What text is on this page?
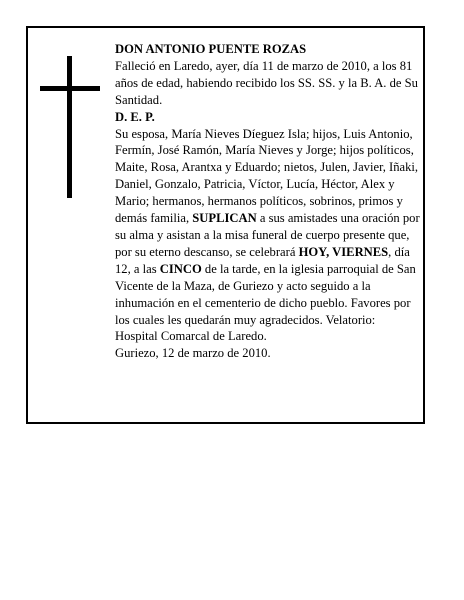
DON ANTONIO PUENTE ROZAS

Falleció en Laredo, ayer, día 11 de marzo de 2010, a los 81 años de edad, habiendo recibido los SS. SS. y la B. A. de Su Santidad.

D. E. P.

Su esposa, María Nieves Díeguez Isla; hijos, Luis Antonio, Fermín, José Ramón, María Nieves y Jorge; hijos políticos, Maite, Rosa, Arantxa y Eduardo; nietos, Julen, Javier, Iñaki, Daniel, Gonzalo, Patricia, Víctor, Lucía, Héctor, Alex y Mario; hermanos, hermanos políticos, sobrinos, primos y demás familia, SUPLICAN a sus amistades una oración por su alma y asistan a la misa funeral de cuerpo presente que, por su eterno descanso, se celebrará HOY, VIERNES, día 12, a las CINCO de la tarde, en la iglesia parroquial de San Vicente de la Maza, de Guriezo y acto seguido a la inhumación en el cementerio de dicho pueblo. Favores por los cuales les quedarán muy agradecidos. Velatorio: Hospital Comarcal de Laredo.

Guriezo, 12 de marzo de 2010.
